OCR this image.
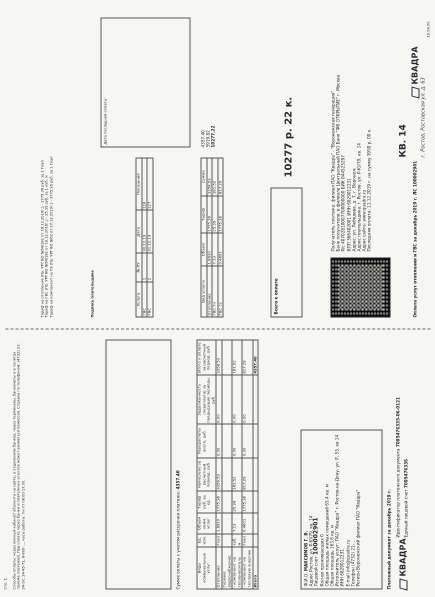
КВАДРА
Идентификатор платежного документа 7095476335-06-0121
Единый лицевой счет 7095476336
Платежный документ за декабрь 2019 г.
Ф.И.О. МАКСИМОВ Г. В.
Адрес Ростов, ул. Р-Ю/79, кв. 14 Лицевой счет 100002901
Кол-во проживающих 0 Общая площадь жилых помещений 65.4 кв. м
Общая площадь 163.6 кв. м
Исполнитель услуг: ПАО "Квадра" г. Ростов-на-Дону, ул. Р, 53, кв 14
ИНН 6829012231
E-mail info@quadra.ru
Телефон (4732) 21-...
Регион Воронежский филиал ПАО "Квадра"
Виды коммунальных услуг	Ед. изм.	Объем комм. услуг	Тариф руб. за ед.	Начислено за расчетный период, руб.	Перерасчеты всего, руб.	Задолженность (переплата) за предыдущие периоды, руб.	Итого к оплате за расчетный период, руб.
Отопление	Гкал	1.8910	1775.36	3358.53	0.00	0.00	3358.53
Горячее водоснабжение:							
- компонент на теплоноситель	куб. м	7.13	25.39	181.52	0.00	0.00	181.52
- компонент на тепловую энергию	Гкал	0.4601	1775.36	817.29	0.00	0.00	817.29
Итого							4357.40
Сумма оплаты с учетом рассрочки платежа: 4357.40
Способы оплаты: через личный кабинет абонента на сайте, в отделениях банков, через терминалы, банкоматы и в пунктах приема платежей. При оплате через банки и платежных агентов может взиматься комиссия. Справки по телефонам: (4732) 21-24-97, 24-45-71, 8-800-..., часы работы: пн-пт 08:00-17:00.
Стр. 1
КВАДРА
Оплата услуг отопления и ГВС за декабрь 2019 г. ЛС 100002901
КВ. 14
Получатель платежа: филиал ПАО "Квадра" - "Воронежская генерация"
Банк получателя: в филиале Центральный ПАО Банк "ФК ОТКРЫТИЕ" г. Москва
Р/с 40702810007700000000 БИК 044525297
КПП 366402001 ИНН 6829012231 Адрес: ул. Лебедева, д. 7, г. Воронеж Адрес плательщика: г. Ростов, ул. Р-Ю/79, кв. 14 Адрес сайта: www.quadra.ru Последняя оплата: 11.12.2019 г. на сумму 3950 р. 00 к.
Всего к оплате
10277 р. 22 к.
Вид услуги	Объем	Тариф	Сумма
Отопление	1.8910	1775.36	3358.53
ГВС тн	7.13	25.39	181.52
ГВС тэ	0.4601	1775.36	817.29
4357.40 5919.82 10277.22
Услуга	№ ПУ	Дата	Показания
ГВС	1	30.11.19	118
ГВС	2	31.12.19	127
Дата последней оплаты
Подпись плательщика
Тариф на отопление (Пр. УРТ ВО №54/181 от 18.12.2018г.) - 1775.36 руб. за 1 Гкал Тариф на ГВС (Пр. УРТ ВО №54/182 от 18.12.2018г.) - 25.39 руб. за 1 куб. м Тариф на компонент на ТЭ (Пр. УРТ ВО №62 от 27.12.2019г.) - 1775.36 руб. за 1 Гкал
г. Ростов, Ростовская ул. д. 63
19.04.00
